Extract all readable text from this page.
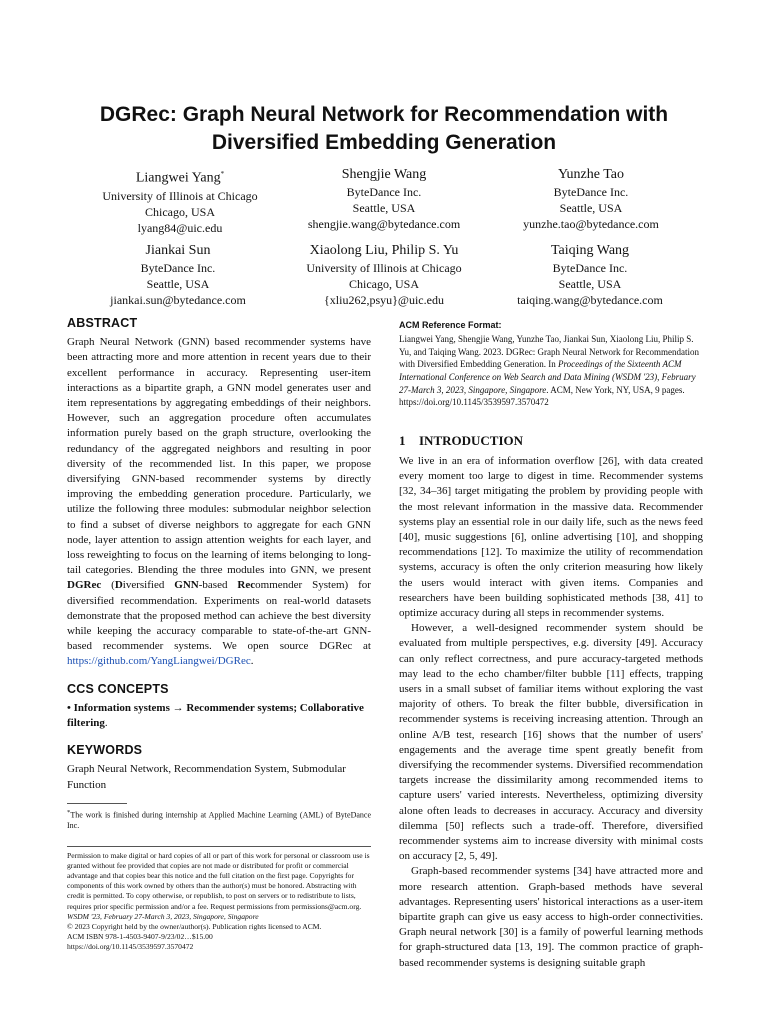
DGRec: Graph Neural Network for Recommendation with
Diversified Embedding Generation
Liangwei Yang*
University of Illinois at Chicago
Chicago, USA
lyang84@uic.edu
Shengjie Wang
ByteDance Inc.
Seattle, USA
shengjie.wang@bytedance.com
Yunzhe Tao
ByteDance Inc.
Seattle, USA
yunzhe.tao@bytedance.com
Jiankai Sun
ByteDance Inc.
Seattle, USA
jiankai.sun@bytedance.com
Xiaolong Liu, Philip S. Yu
University of Illinois at Chicago
Chicago, USA
{xliu262,psyu}@uic.edu
Taiqing Wang
ByteDance Inc.
Seattle, USA
taiqing.wang@bytedance.com
ABSTRACT

Graph Neural Network (GNN) based recommender systems have been attracting more and more attention in recent years due to their excellent performance in accuracy. Representing user-item interactions as a bipartite graph, a GNN model generates user and item representations by aggregating embeddings of their neighbors. However, such an aggregation procedure often accumulates information purely based on the graph structure, overlooking the redundancy of the aggregated neighbors and resulting in poor diversity of the recommended list. In this paper, we propose diversifying GNN-based recommender systems by directly improving the embedding generation procedure. Particularly, we utilize the following three modules: submodular neighbor selection to find a subset of diverse neighbors to aggregate for each GNN node, layer attention to assign attention weights for each layer, and loss reweighting to focus on the learning of items belonging to long-tail categories. Blending the three modules into GNN, we present DGRec (Diversified GNN-based Recommender System) for diversified recommendation. Experiments on real-world datasets demonstrate that the proposed method can achieve the best diversity while keeping the accuracy comparable to state-of-the-art GNN-based recommender systems. We open source DGRec at https://github.com/YangLiangwei/DGRec.

CCS CONCEPTS

• Information systems → Recommender systems; Collaborative filtering.

KEYWORDS

Graph Neural Network, Recommendation System, Submodular Function

*The work is finished during internship at Applied Machine Learning (AML) of ByteDance Inc.

Permission to make digital or hard copies of all or part of this work for personal or classroom use is granted without fee provided that copies are not made or distributed for profit or commercial advantage and that copies bear this notice and the full citation on the first page. Copyrights for components of this work owned by others than the author(s) must be honored. Abstracting with credit is permitted. To copy otherwise, or republish, to post on servers or to redistribute to lists, requires prior specific permission and/or a fee. Request permissions from permissions@acm.org.

WSDM '23, February 27-March 3, 2023, Singapore, Singapore

© 2023 Copyright held by the owner/author(s). Publication rights licensed to ACM.

ACM ISBN 978-1-4503-9407-9/23/02…$15.00

https://doi.org/10.1145/3539597.3570472

ACM Reference Format:

Liangwei Yang, Shengjie Wang, Yunzhe Tao, Jiankai Sun, Xiaolong Liu, Philip S. Yu, and Taiqing Wang. 2023. DGRec: Graph Neural Network for Recommendation with Diversified Embedding Generation. In Proceedings of the Sixteenth ACM International Conference on Web Search and Data Mining (WSDM '23), February 27-March 3, 2023, Singapore, Singapore. ACM, New York, NY, USA, 9 pages. https://doi.org/10.1145/3539597.3570472

1 INTRODUCTION

We live in an era of information overflow [26], with data created every moment too large to digest in time. Recommender systems [32, 34–36] target mitigating the problem by providing people with the most relevant information in the massive data. Recommender systems play an essential role in our daily life, such as the news feed [40], music suggestions [6], online advertising [10], and shopping recommendations [12]. To maximize the utility of recommendation systems, accuracy is often the only criterion measuring how likely the users would interact with given items. Companies and researchers have been building sophisticated methods [38, 41] to optimize accuracy during all steps in recommender systems.

However, a well-designed recommender system should be evaluated from multiple perspectives, e.g. diversity [49]. Accuracy can only reflect correctness, and pure accuracy-targeted methods may lead to the echo chamber/filter bubble [11] effects, trapping users in a small subset of familiar items without exploring the vast majority of others. To break the filter bubble, diversification in recommender systems is receiving increasing attention. Through an online A/B test, research [16] shows that the number of users' engagements and the average time spent greatly benefit from diversifying the recommender systems. Diversified recommendation targets increase the dissimilarity among recommended items to capture users' varied interests. Nevertheless, optimizing diversity alone often leads to decreases in accuracy. Accuracy and diversity dilemma [50] reflects such a trade-off. Therefore, diversified recommender systems aim to increase diversity with minimal costs on accuracy [2, 5, 49].

Graph-based recommender systems [34] have attracted more and more research attention. Graph-based methods have several advantages. Representing users' historical interactions as a user-item bipartite graph can give us easy access to high-order connectivities. Graph neural network [30] is a family of powerful learning methods for graph-structured data [13, 19]. The common practice of graph-based recommender systems is designing suitable graph
